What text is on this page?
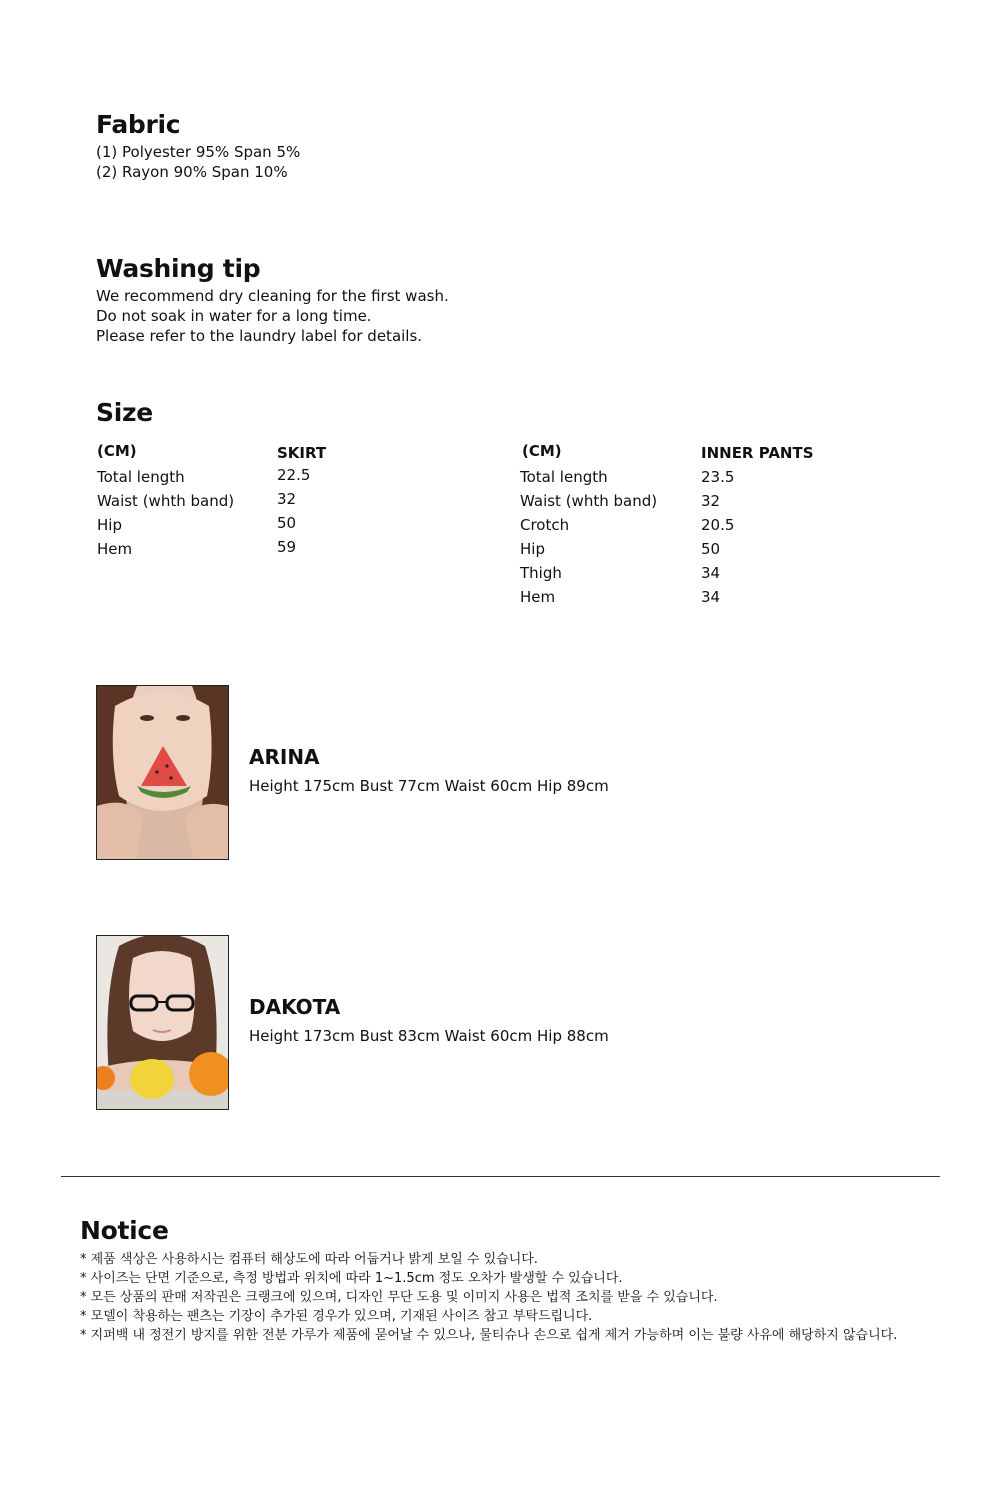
Fabric
(1) Polyester 95% Span 5%
(2) Rayon 90% Span 10%
Washing tip
We recommend dry cleaning for the first wash.
Do not soak in water for a long time.
Please refer to the laundry label for details.
Size
(CM)	SKIRT
Total length	22.5
Waist (whth band)	32
Hip	50
Hem	59
(CM)	INNER PANTS
Total length	23.5
Waist (whth band)	32
Crotch	20.5
Hip	50
Thigh	34
Hem	34
ARINA
Height 175cm Bust 77cm Waist 60cm Hip 89cm
DAKOTA
Height 173cm Bust 83cm Waist 60cm Hip 88cm
Notice
* 제품 색상은 사용하시는 컴퓨터 해상도에 따라 어둡거나 밝게 보일 수 있습니다.
* 사이즈는 단면 기준으로, 측정 방법과 위치에 따라 1~1.5cm 정도 오차가 발생할 수 있습니다.
* 모든 상품의 판매 저작권은 크랭크에 있으며, 디자인 무단 도용 및 이미지 사용은 법적 조치를 받을 수 있습니다.
* 모델이 착용하는 팬츠는 기장이 추가된 경우가 있으며, 기재된 사이즈 참고 부탁드립니다.
* 지퍼백 내 정전기 방지를 위한 전분 가루가 제품에 묻어날 수 있으나, 물티슈나 손으로 쉽게 제거 가능하며 이는 불량 사유에 해당하지 않습니다.
